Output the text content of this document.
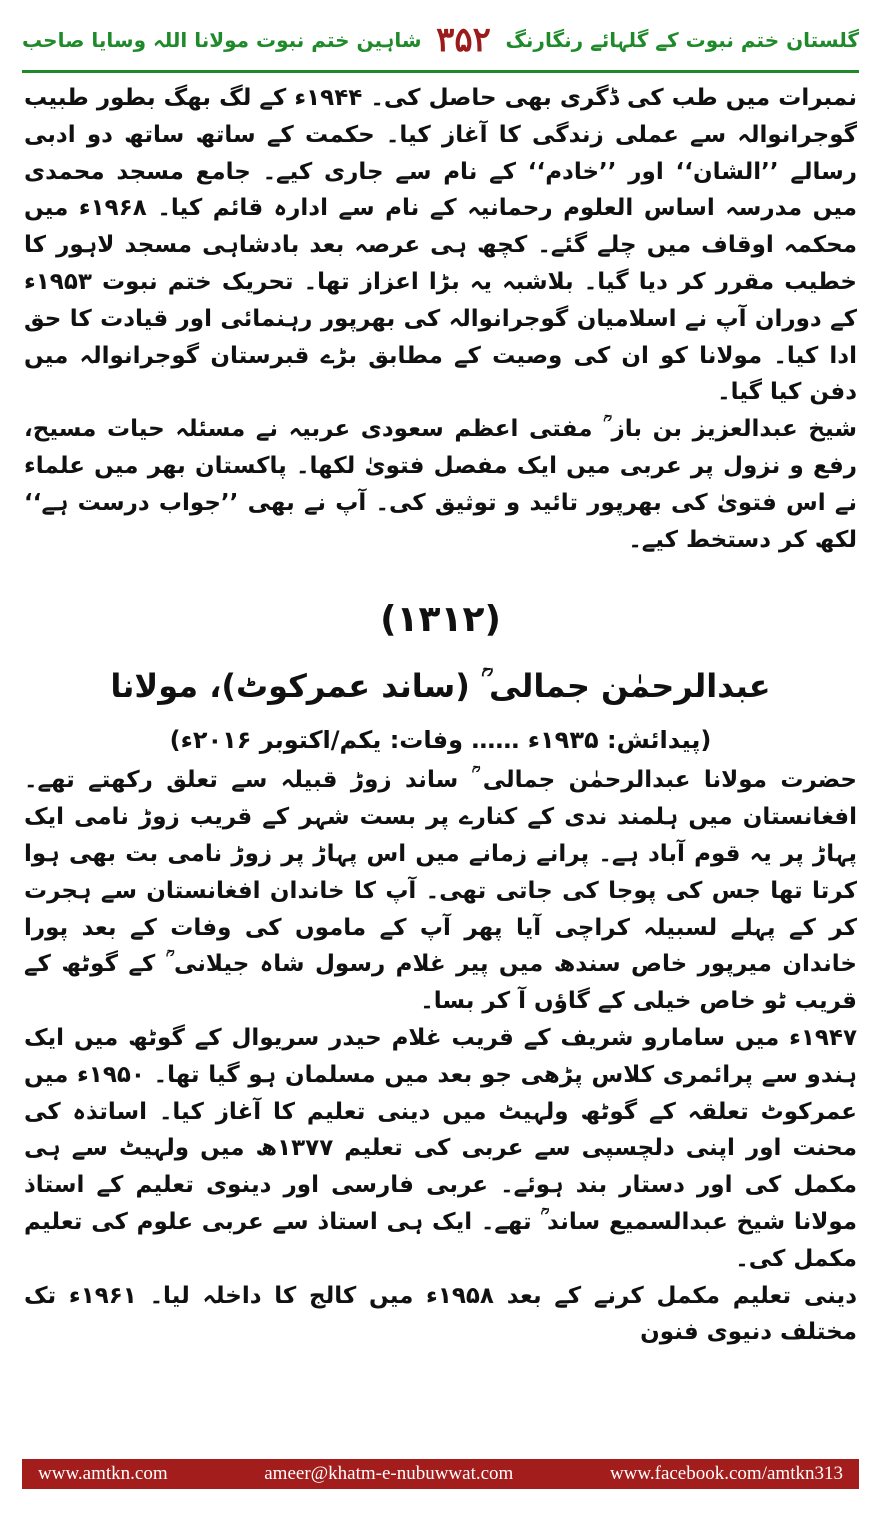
شاہین ختم نبوت مولانا اللہ وسایا صاحب ۳۵۲ گلستان ختم نبوت کے گلہائے رنگارنگ

نمبرات میں طب کی ڈگری بھی حاصل کی۔ ۱۹۴۴ء کے لگ بھگ بطور طبیب گوجرانوالہ سے عملی زندگی کا آغاز کیا۔ حکمت کے ساتھ ساتھ دو ادبی رسالے ’’الشان‘‘ اور ’’خادم‘‘ کے نام سے جاری کیے۔ جامع مسجد محمدی میں مدرسہ اساس العلوم رحمانیہ کے نام سے ادارہ قائم کیا۔ ۱۹۶۸ء میں محکمہ اوقاف میں چلے گئے۔ کچھ ہی عرصہ بعد بادشاہی مسجد لاہور کا خطیب مقرر کر دیا گیا۔ بلاشبہ یہ بڑا اعزاز تھا۔ تحریک ختم نبوت ۱۹۵۳ء کے دوران آپ نے اسلامیان گوجرانوالہ کی بھرپور رہنمائی اور قیادت کا حق ادا کیا۔ مولانا کو ان کی وصیت کے مطابق بڑے قبرستان گوجرانوالہ میں دفن کیا گیا۔

شیخ عبدالعزیز بن باز ؒ مفتی اعظم سعودی عربیہ نے مسئلہ حیات مسیح، رفع و نزول پر عربی میں ایک مفصل فتویٰ لکھا۔ پاکستان بھر میں علماء نے اس فتویٰ کی بھرپور تائید و توثیق کی۔ آپ نے بھی ’’جواب درست ہے‘‘ لکھ کر دستخط کیے۔

(۱۳۱۲)
عبدالرحمٰن جمالی ؒ (ساند عمرکوٹ)، مولانا
(پیدائش: ۱۹۳۵ء …… وفات: یکم/اکتوبر ۲۰۱۶ء)

حضرت مولانا عبدالرحمٰن جمالی ؒ ساند زوڑ قبیلہ سے تعلق رکھتے تھے۔ افغانستان میں ہلمند ندی کے کنارے پر بست شہر کے قریب زوڑ نامی ایک پہاڑ پر یہ قوم آباد ہے۔ پرانے زمانے میں اس پہاڑ پر زوڑ نامی بت بھی ہوا کرتا تھا جس کی پوجا کی جاتی تھی۔ آپ کا خاندان افغانستان سے ہجرت کر کے پہلے لسبیلہ کراچی آیا پھر آپ کے ماموں کی وفات کے بعد پورا خاندان میرپور خاص سندھ میں پیر غلام رسول شاہ جیلانی ؒ کے گوٹھ کے قریب ٹو خاص خیلی کے گاؤں آ کر بسا۔

۱۹۴۷ء میں سامارو شریف کے قریب غلام حیدر سریوال کے گوٹھ میں ایک ہندو سے پرائمری کلاس پڑھی جو بعد میں مسلمان ہو گیا تھا۔ ۱۹۵۰ء میں عمرکوٹ تعلقہ کے گوٹھ ولہیٹ میں دینی تعلیم کا آغاز کیا۔ اساتذہ کی محنت اور اپنی دلچسپی سے عربی کی تعلیم ۱۳۷۷ھ میں ولہیٹ سے ہی مکمل کی اور دستار بند ہوئے۔ عربی فارسی اور دینوی تعلیم کے استاذ مولانا شیخ عبدالسمیع ساند ؒ تھے۔ ایک ہی استاذ سے عربی علوم کی تعلیم مکمل کی۔

دینی تعلیم مکمل کرنے کے بعد ۱۹۵۸ء میں کالج کا داخلہ لیا۔ ۱۹۶۱ء تک مختلف دنیوی فنون

www.amtkn.com	ameer@khatm-e-nubuwwat.com	www.facebook.com/amtkn313
